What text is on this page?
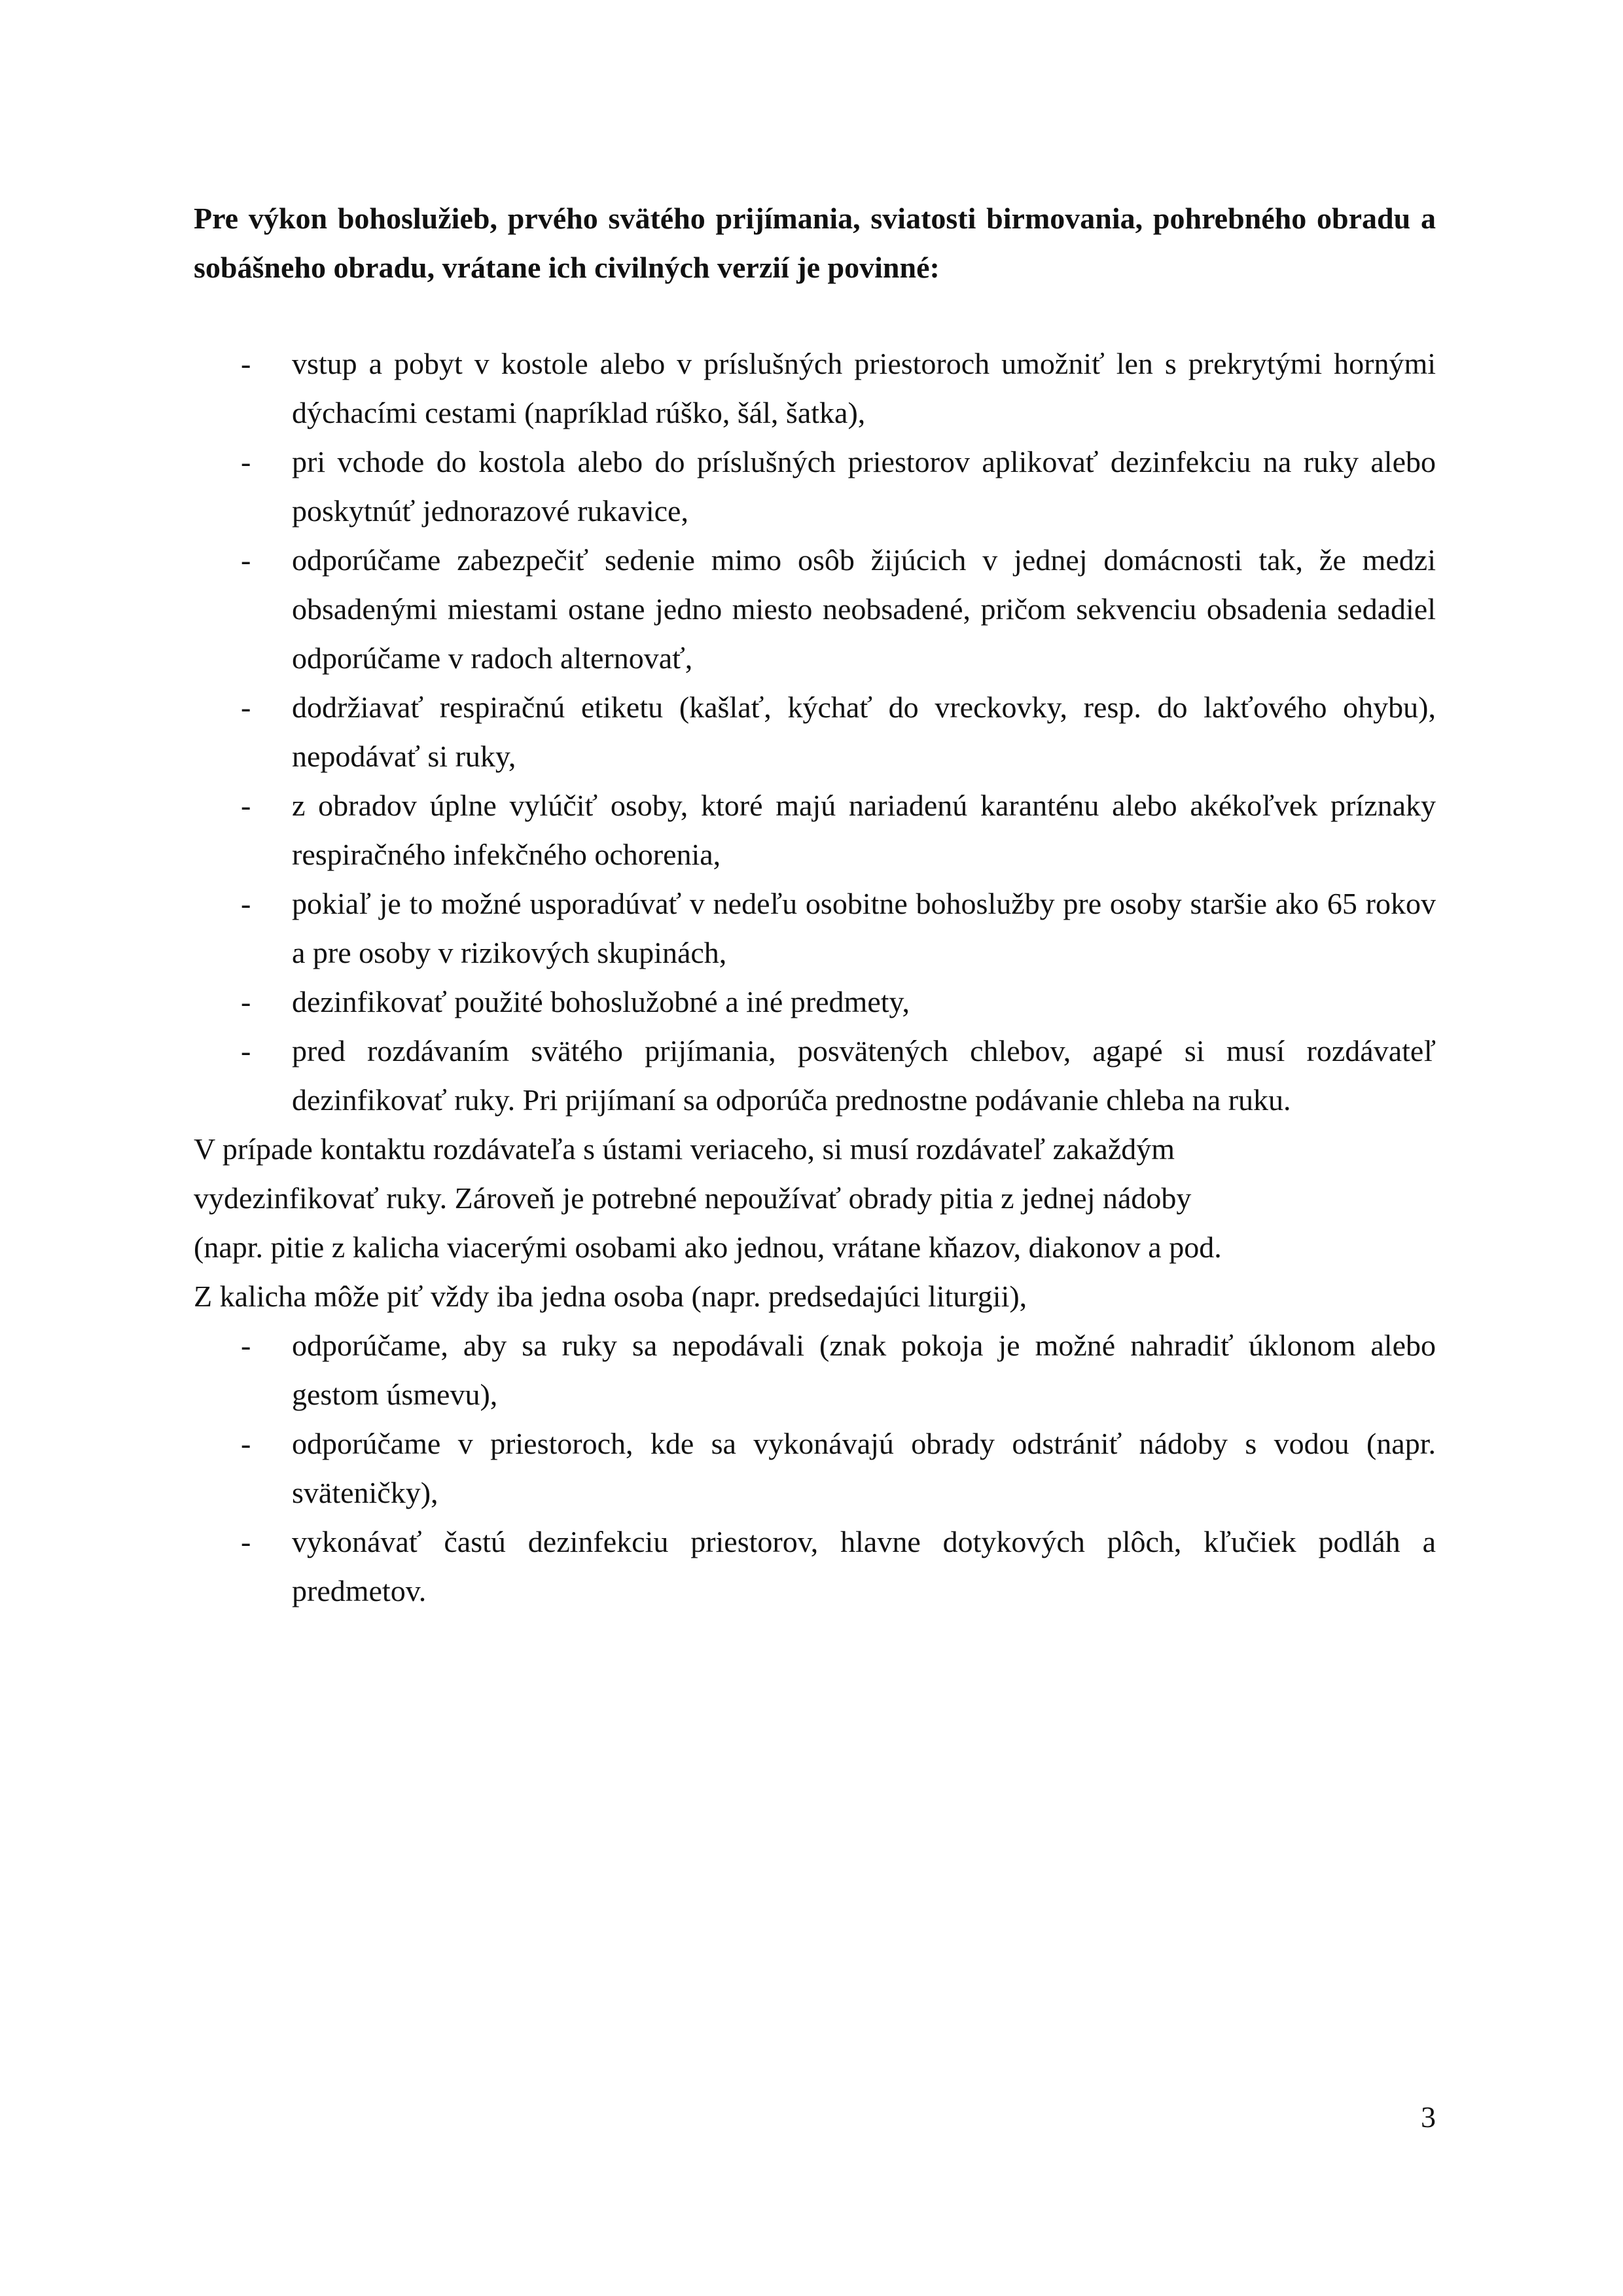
Pre výkon bohoslužieb, prvého svätého prijímania, sviatosti birmovania, pohrebného obradu a sobášneho obradu, vrátane ich civilných verzií je povinné:

- vstup a pobyt v kostole alebo v príslušných priestoroch umožniť len s prekrytými hornými dýchacími cestami (napríklad rúško, šál, šatka),
- pri vchode do kostola alebo do príslušných priestorov aplikovať dezinfekciu na ruky alebo poskytnúť jednorazové rukavice,
- odporúčame zabezpečiť sedenie mimo osôb žijúcich v jednej domácnosti tak, že medzi obsadenými miestami ostane jedno miesto neobsadené, pričom sekvenciu obsadenia sedadiel odporúčame v radoch alternovať,
- dodržiavať respiračnú etiketu (kašlať, kýchať do vreckovky, resp. do lakťového ohybu), nepodávať si ruky,
- z obradov úplne vylúčiť osoby, ktoré majú nariadenú karanténu alebo akékoľvek príznaky respiračného infekčného ochorenia,
- pokiaľ je to možné usporadúvať v nedeľu osobitne bohoslužby pre osoby staršie ako 65 rokov a pre osoby v rizikových skupinách,
- dezinfikovať použité bohoslužobné a iné predmety,
- pred rozdávaním svätého prijímania, posvätených chlebov, agapé si musí rozdávateľ dezinfikovať ruky. Pri prijímaní sa odporúča prednostne podávanie chleba na ruku.

V prípade kontaktu rozdávateľa s ústami veriaceho, si musí rozdávateľ zakaždým
vydezinfikovať ruky. Zároveň je potrebné nepoužívať obrady pitia z jednej nádoby
(napr. pitie z kalicha viacerými osobami ako jednou, vrátane kňazov, diakonov a pod.
Z kalicha môže piť vždy iba jedna osoba (napr. predsedajúci liturgii),

- odporúčame, aby sa ruky sa nepodávali (znak pokoja je možné nahradiť úklonom alebo gestom úsmevu),
- odporúčame v priestoroch, kde sa vykonávajú obrady odstrániť nádoby s vodou (napr. sväteničky),
- vykonávať častú dezinfekciu priestorov, hlavne dotykových plôch, kľučiek podláh a predmetov.
3
